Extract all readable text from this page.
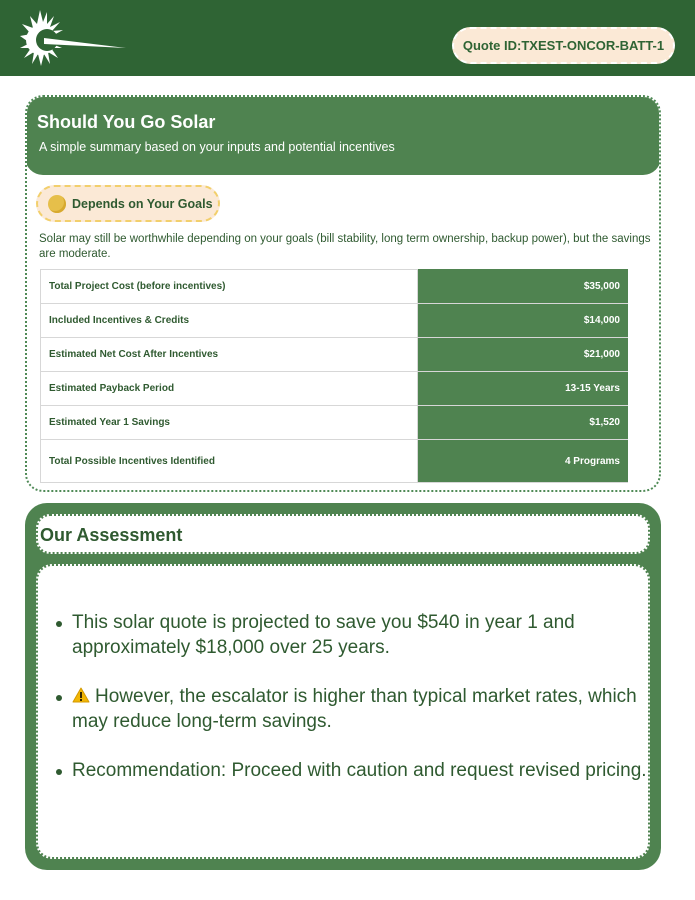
Quote ID: TXEST-ONCOR-BATT-1
Should You Go Solar
A simple summary based on your inputs and potential incentives
Depends on Your Goals
Solar may still be worthwhile depending on your goals (bill stability, long term ownership, backup power), but the savings are moderate.
Total Project Cost (before incentives)	$35,000
Included Incentives & Credits	$14,000
Estimated Net Cost After Incentives	$21,000
Estimated Payback Period	13-15 Years
Estimated Year 1 Savings	$1,520
Total Possible Incentives Identified	4 Programs
Our Assessment
This solar quote is projected to save you $540 in year 1 and approximately $18,000 over 25 years.
However, the escalator is higher than typical market rates, which may reduce long-term savings.
Recommendation: Proceed with caution and request revised pricing.
